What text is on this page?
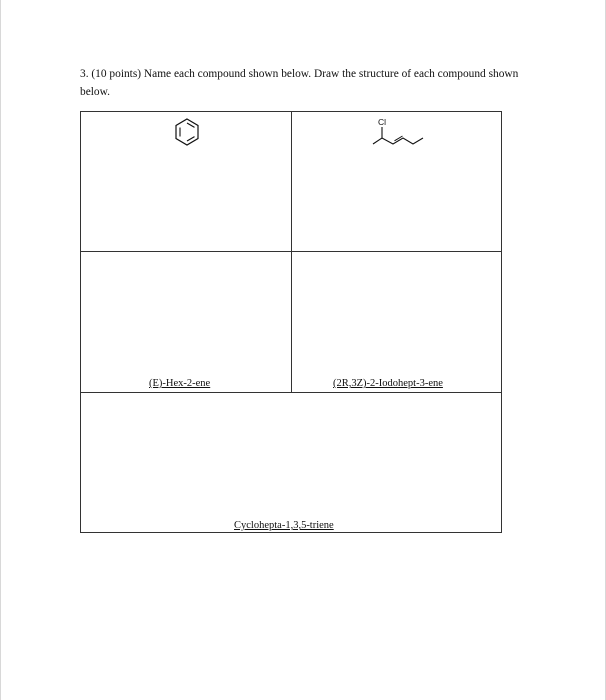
3. (10 points) Name each compound shown below. Draw the structure of each compound shown below.
Cl
(E)-Hex-2-ene	(2R,3Z)-2-Iodohept-3-ene
Cyclohepta-1,3,5-triene
